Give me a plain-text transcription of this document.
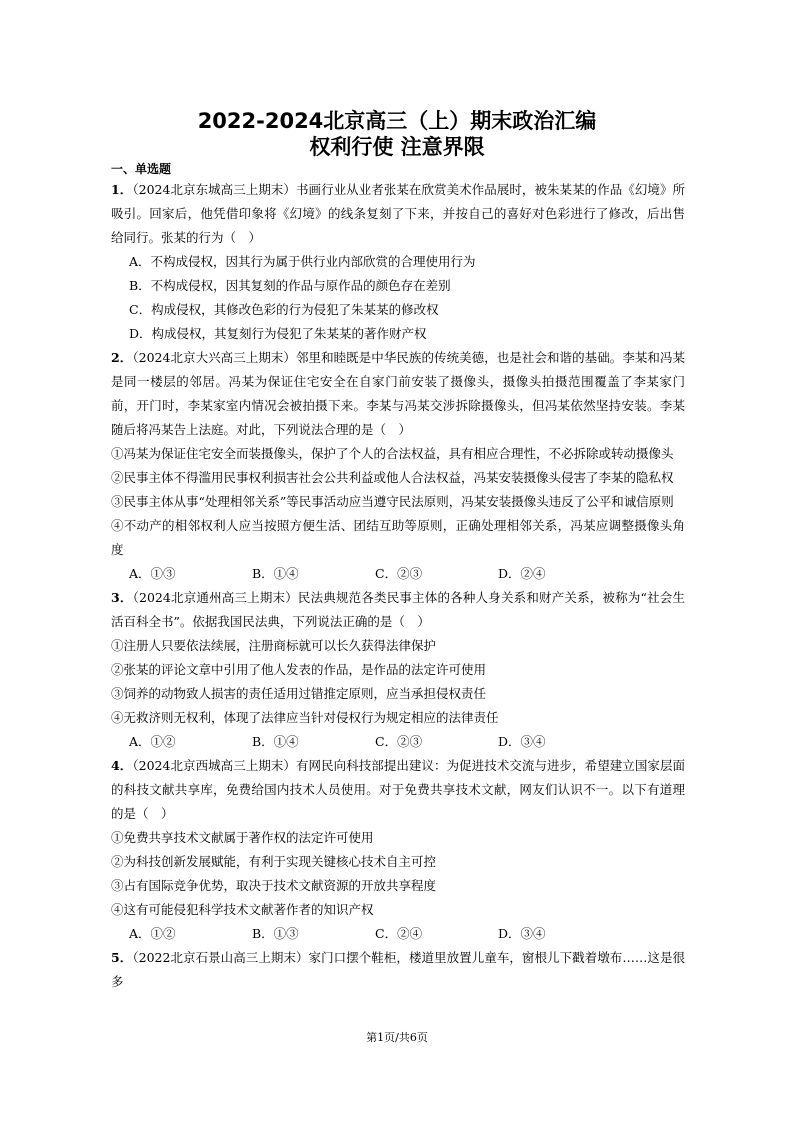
2022-2024北京高三（上）期末政治汇编
权利行使 注意界限
一、单选题

1．（2024北京东城高三上期末）书画行业从业者张某在欣赏美术作品展时，被朱某某的作品《幻境》所吸引。回家后，他凭借印象将《幻境》的线条复刻了下来，并按自己的喜好对色彩进行了修改，后出售给同行。张某的行为（　）

A．不构成侵权，因其行为属于供行业内部欣赏的合理使用行为

B．不构成侵权，因其复刻的作品与原作品的颜色存在差别

C．构成侵权，其修改色彩的行为侵犯了朱某某的修改权

D．构成侵权，其复刻行为侵犯了朱某某的著作财产权

2．（2024北京大兴高三上期末）邻里和睦既是中华民族的传统美德，也是社会和谐的基础。李某和冯某是同一楼层的邻居。冯某为保证住宅安全在自家门前安装了摄像头，摄像头拍摄范围覆盖了李某家门前，开门时，李某家室内情况会被拍摄下来。李某与冯某交涉拆除摄像头，但冯某依然坚持安装。李某随后将冯某告上法庭。对此，下列说法合理的是（　）

①冯某为保证住宅安全而装摄像头，保护了个人的合法权益，具有相应合理性，不必拆除或转动摄像头

②民事主体不得滥用民事权利损害社会公共利益或他人合法权益，冯某安装摄像头侵害了李某的隐私权

③民事主体从事“处理相邻关系”等民事活动应当遵守民法原则，冯某安装摄像头违反了公平和诚信原则

④不动产的相邻权利人应当按照方便生活、团结互助等原则，正确处理相邻关系，冯某应调整摄像头角度

A．①③	B．①④	C．②③	D．②④

3．（2024北京通州高三上期末）民法典规范各类民事主体的各种人身关系和财产关系，被称为“社会生活百科全书”。依据我国民法典，下列说法正确的是（　）

①注册人只要依法续展，注册商标就可以长久获得法律保护

②张某的评论文章中引用了他人发表的作品，是作品的法定许可使用

③饲养的动物致人损害的责任适用过错推定原则，应当承担侵权责任

④无救济则无权利，体现了法律应当针对侵权行为规定相应的法律责任

A．①②	B．①④	C．②③	D．③④

4．（2024北京西城高三上期末）有网民向科技部提出建议：为促进技术交流与进步，希望建立国家层面的科技文献共享库，免费给国内技术人员使用。对于免费共享技术文献，网友们认识不一。以下有道理的是（　）

①免费共享技术文献属于著作权的法定许可使用

②为科技创新发展赋能，有利于实现关键核心技术自主可控

③占有国际竞争优势，取决于技术文献资源的开放共享程度

④这有可能侵犯科学技术文献著作者的知识产权

A．①②	B．①③	C．②④	D．③④

5．（2022北京石景山高三上期末）家门口摆个鞋柜，楼道里放置儿童车，窗根儿下戳着墩布……这是很多

第1页/共6页
